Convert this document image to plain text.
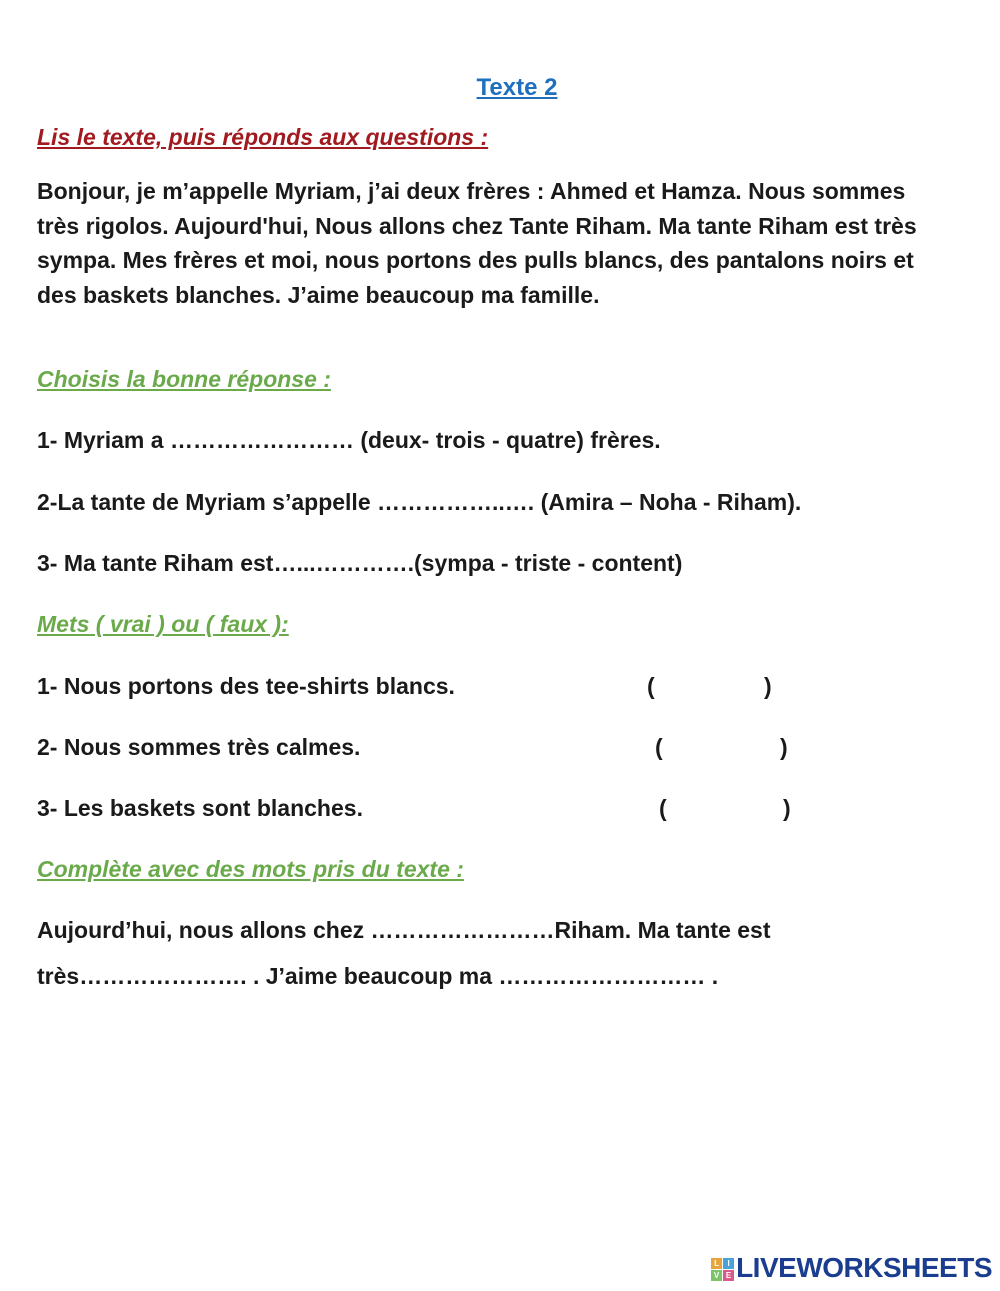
Texte 2
Lis le texte, puis réponds aux questions :
Bonjour, je m’appelle Myriam, j’ai deux frères : Ahmed et Hamza. Nous sommes très rigolos. Aujourd'hui, Nous allons chez Tante Riham. Ma tante Riham est très sympa. Mes frères et moi, nous portons des pulls blancs, des pantalons noirs et des baskets blanches. J’aime beaucoup ma famille.
Choisis la bonne réponse :
1- Myriam a …………………… (deux- trois - quatre) frères.
2-La tante de Myriam s’appelle ……………..…. (Amira – Noha - Riham).
3- Ma tante Riham est…...………….(sympa - triste - content)
Mets ( vrai ) ou ( faux ):
1- Nous portons des tee-shirts blancs.	(	)
2- Nous sommes très calmes.	(	)
3- Les baskets sont blanches.	(	)
Complète avec des mots pris du texte :
Aujourd’hui, nous allons chez ……………………Riham. Ma tante est
très…………………. . J’aime beaucoup ma ……………………… .
L	I
V E LIVEWORKSHEETS
